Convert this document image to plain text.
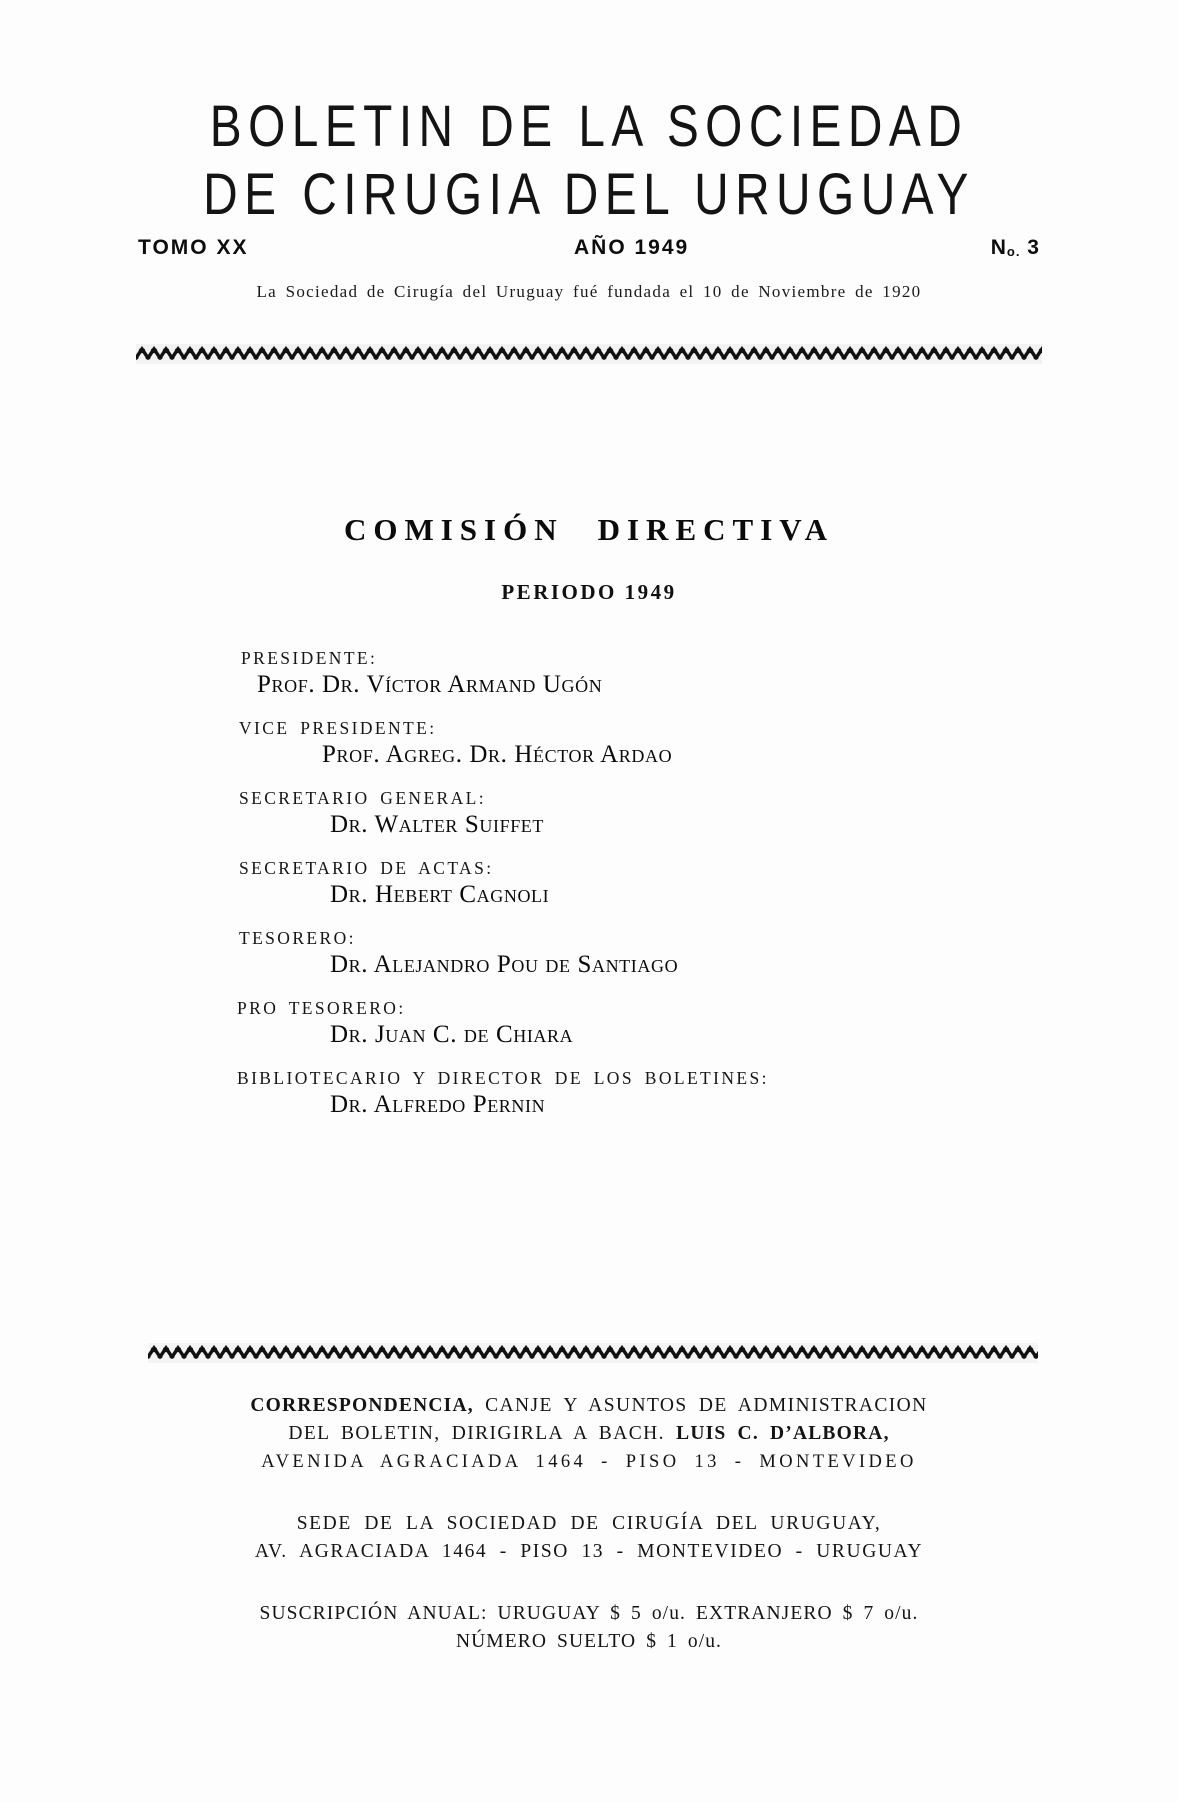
BOLETIN DE LA SOCIEDAD
DE CIRUGIA DEL URUGUAY
TOMO XX	AÑO 1949	$N_{o.}$ 3
La Sociedad de Cirugía del Uruguay fué fundada el 10 de Noviembre de 1920
COMISIÓN DIRECTIVA
PERIODO 1949
PRESIDENTE:
Prof. Dr. Víctor Armand Ugón
VICE PRESIDENTE:
Prof. Agreg. Dr. Héctor Ardao
SECRETARIO GENERAL:
Dr. Walter Suiffet
SECRETARIO DE ACTAS:
Dr. Hebert Cagnoli
TESORERO:
Dr. Alejandro Pou de Santiago
PRO TESORERO:
Dr. Juan C. de Chiara
BIBLIOTECARIO Y DIRECTOR DE LOS BOLETINES:
Dr. Alfredo Pernin
CORRESPONDENCIA, CANJE Y ASUNTOS DE ADMINISTRACION
DEL BOLETIN, DIRIGIRLA A BACH. LUIS C. D’ALBORA,
AVENIDA AGRACIADA 1464 - PISO 13 - MONTEVIDEO
SEDE DE LA SOCIEDAD DE CIRUGÍA DEL URUGUAY,
AV. AGRACIADA 1464 - PISO 13 - MONTEVIDEO - URUGUAY
SUSCRIPCIÓN ANUAL: URUGUAY $ 5 o/u. EXTRANJERO $ 7 o/u.
NÚMERO SUELTO $ 1 o/u.
